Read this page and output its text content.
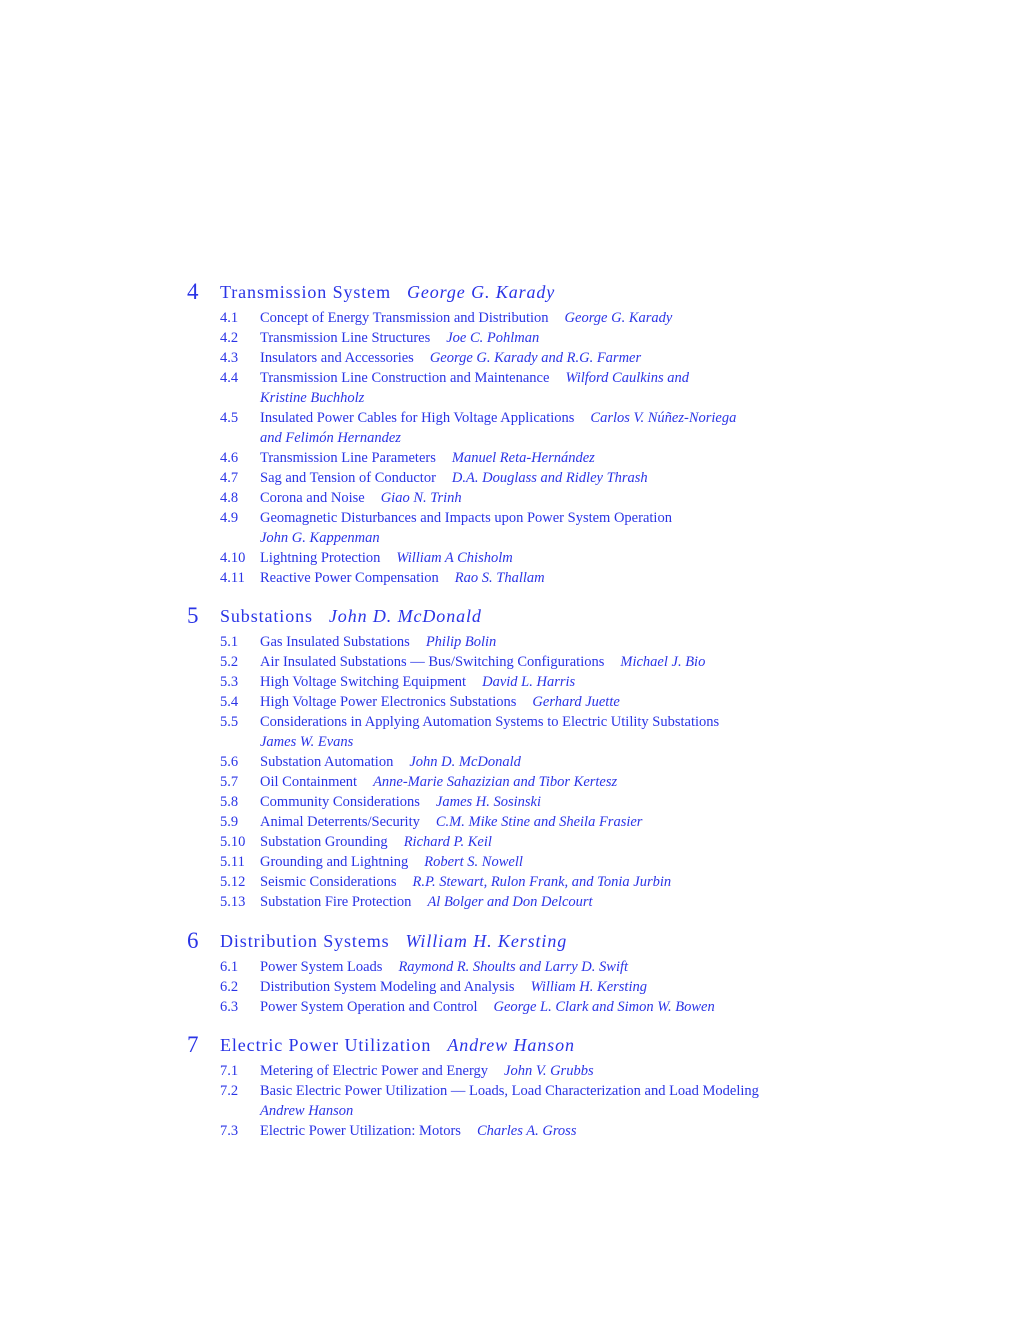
4 Transmission System George G. Karady
4.1 Concept of Energy Transmission and Distribution George G. Karady
4.2 Transmission Line Structures Joe C. Pohlman
4.3 Insulators and Accessories George G. Karady and R.G. Farmer
4.4 Transmission Line Construction and Maintenance Wilford Caulkins and
Kristine Buchholz
4.5 Insulated Power Cables for High Voltage Applications Carlos V. Núñez-Noriega
and Felimón Hernandez
4.6 Transmission Line Parameters Manuel Reta-Hernández
4.7 Sag and Tension of Conductor D.A. Douglass and Ridley Thrash
4.8 Corona and Noise Giao N. Trinh
4.9 Geomagnetic Disturbances and Impacts upon Power System Operation
John G. Kappenman
4.10 Lightning Protection William A Chisholm
4.11 Reactive Power Compensation Rao S. Thallam
5 Substations John D. McDonald
5.1 Gas Insulated Substations Philip Bolin
5.2 Air Insulated Substations — Bus/Switching Configurations Michael J. Bio
5.3 High Voltage Switching Equipment David L. Harris
5.4 High Voltage Power Electronics Substations Gerhard Juette
5.5 Considerations in Applying Automation Systems to Electric Utility Substations
James W. Evans
5.6 Substation Automation John D. McDonald
5.7 Oil Containment Anne-Marie Sahazizian and Tibor Kertesz
5.8 Community Considerations James H. Sosinski
5.9 Animal Deterrents/Security C.M. Mike Stine and Sheila Frasier
5.10 Substation Grounding Richard P. Keil
5.11 Grounding and Lightning Robert S. Nowell
5.12 Seismic Considerations R.P. Stewart, Rulon Frank, and Tonia Jurbin
5.13 Substation Fire Protection Al Bolger and Don Delcourt
6 Distribution Systems William H. Kersting
6.1 Power System Loads Raymond R. Shoults and Larry D. Swift
6.2 Distribution System Modeling and Analysis William H. Kersting
6.3 Power System Operation and Control George L. Clark and Simon W. Bowen
7 Electric Power Utilization Andrew Hanson
7.1 Metering of Electric Power and Energy John V. Grubbs
7.2 Basic Electric Power Utilization — Loads, Load Characterization and Load Modeling
Andrew Hanson
7.3 Electric Power Utilization: Motors Charles A. Gross
